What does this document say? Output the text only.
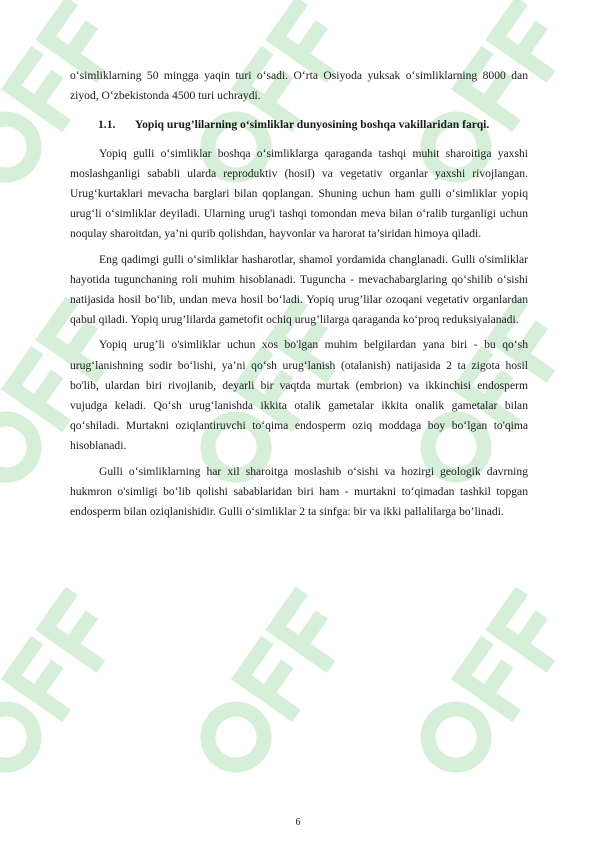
o‘simliklarning 50 mingga yaqin turi o‘sadi. O‘rta Osiyoda yuksak o‘simliklarning 8000 dan ziyod, O‘zbekistonda 4500 turi uchraydi.

1.1.	Yopiq urug’lilarning o‘simliklar dunyosining boshqa vakillaridan farqi.

Yopiq gulli o‘simliklar boshqa o‘simliklarga qaraganda tashqi muhit sharoitiga yaxshi moslashganligi sababli ularda reproduktiv (hosil) va vegetativ organlar yaxshi rivojlangan. Urug‘kurtaklari mevacha barglari bilan qoplangan. Shuning uchun ham gulli o‘simliklar yopiq urug‘li o‘simliklar deyiladi. Ularning urug'i tashqi tomondan meva bilan o‘ralib turganligi uchun noqulay sharoitdan, ya’ni qurib qolishdan, hayvonlar va harorat ta’siridan himoya qiladi.

Eng qadimgi gulli o‘simliklar hasharotlar, shamol yordamida changlanadi. Gulli o'simliklar hayotida tugunchaning roli muhim hisoblanadi. Tuguncha - mevachabarglaring qo‘shilib o‘sishi natijasida hosil bo‘lib, undan meva hosil bo‘ladi. Yopiq urug’lilar ozoqani vegetativ organlardan qabul qiladi. Yopiq urug’lilarda gametofit ochiq urug’lilarga qaraganda ko‘proq reduksiyalanadi.

Yopiq urug’li o'simliklar uchun xos bo'lgan muhim belgilardan yana biri - bu qo‘sh urug‘lanishning sodir bo‘lishi, ya’ni qo‘sh urug‘lanish (otalanish) natijasida 2 ta zigota hosil bo'lib, ulardan biri rivojlanib, deyarli bir vaqtda murtak (embrion) va ikkinchisi endosperm vujudga keladi. Qo‘sh urug‘lanishda ikkita otalik gametalar ikkita onalik gametalar bilan qo‘shiladi. Murtakni oziqlantiruvchi to‘qima endosperm oziq moddaga boy bo‘lgan to'qima hisoblanadi.

Gulli o‘simliklarning har xil sharoitga moslashib o‘sishi va hozirgi geologik davrning hukmron o'simligi bo‘lib qolishi sabablaridan biri ham - murtakni to‘qimadan tashkil topgan endosperm bilan oziqlanishidir. Gulli o‘simliklar 2 ta sinfga: bir va ikki pallalilarga bo’linadi.

6
